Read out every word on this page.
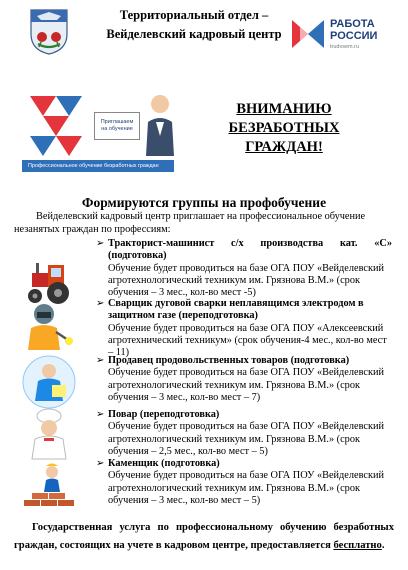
Территориальный отдел –
Вейделевский кадровый центр
РАБОТА
РОССИИ
trudvsem.ru
Приглашаем
на обучение
Профессиональное обучение безработных граждан
ВНИМАНИЮ
БЕЗРАБОТНЫХ
ГРАЖДАН!
Формируются группы на профобучение
Вейделевский кадровый центр приглашает на профессиональное обучение незанятых граждан по профессиям:
➢ Тракторист-машинист с/х производства кат. «С» (подготовка)
Обучение будет проводиться на базе ОГА ПОУ «Вейделевский агротехнологический техникум им. Грязнова В.М.» (срок обучения – 3 мес., кол-во мест -5)
➢ Сварщик дуговой сварки неплавящимся электродом в защитном газе (переподготовка)
Обучение будет проводиться на базе ОГА ПОУ «Алексеевский агротехнический техникум» (срок обучения-4 мес., кол-во мест – 11)
➢ Продавец продовольственных товаров (подготовка)
Обучение будет проводиться на базе ОГА ПОУ «Вейделевский агротехнологический техникум им. Грязнова В.М.» (срок обучения – 3 мес., кол-во мест – 7)
➢ Повар (переподготовка)
Обучение будет проводиться на базе ОГА ПОУ «Вейделевский агротехнологический техникум им. Грязнова В.М.» (срок обучения – 2,5 мес., кол-во мест – 5)
➢ Каменщик (подготовка)
Обучение будет проводиться на базе ОГА ПОУ «Вейделевский агротехнологический техникум им. Грязнова В.М.» (срок обучения – 3 мес., кол-во мест – 5)
Государственная услуга по профессиональному обучению безработных граждан, состоящих на учете в кадровом центре, предоставляется бесплатно.
